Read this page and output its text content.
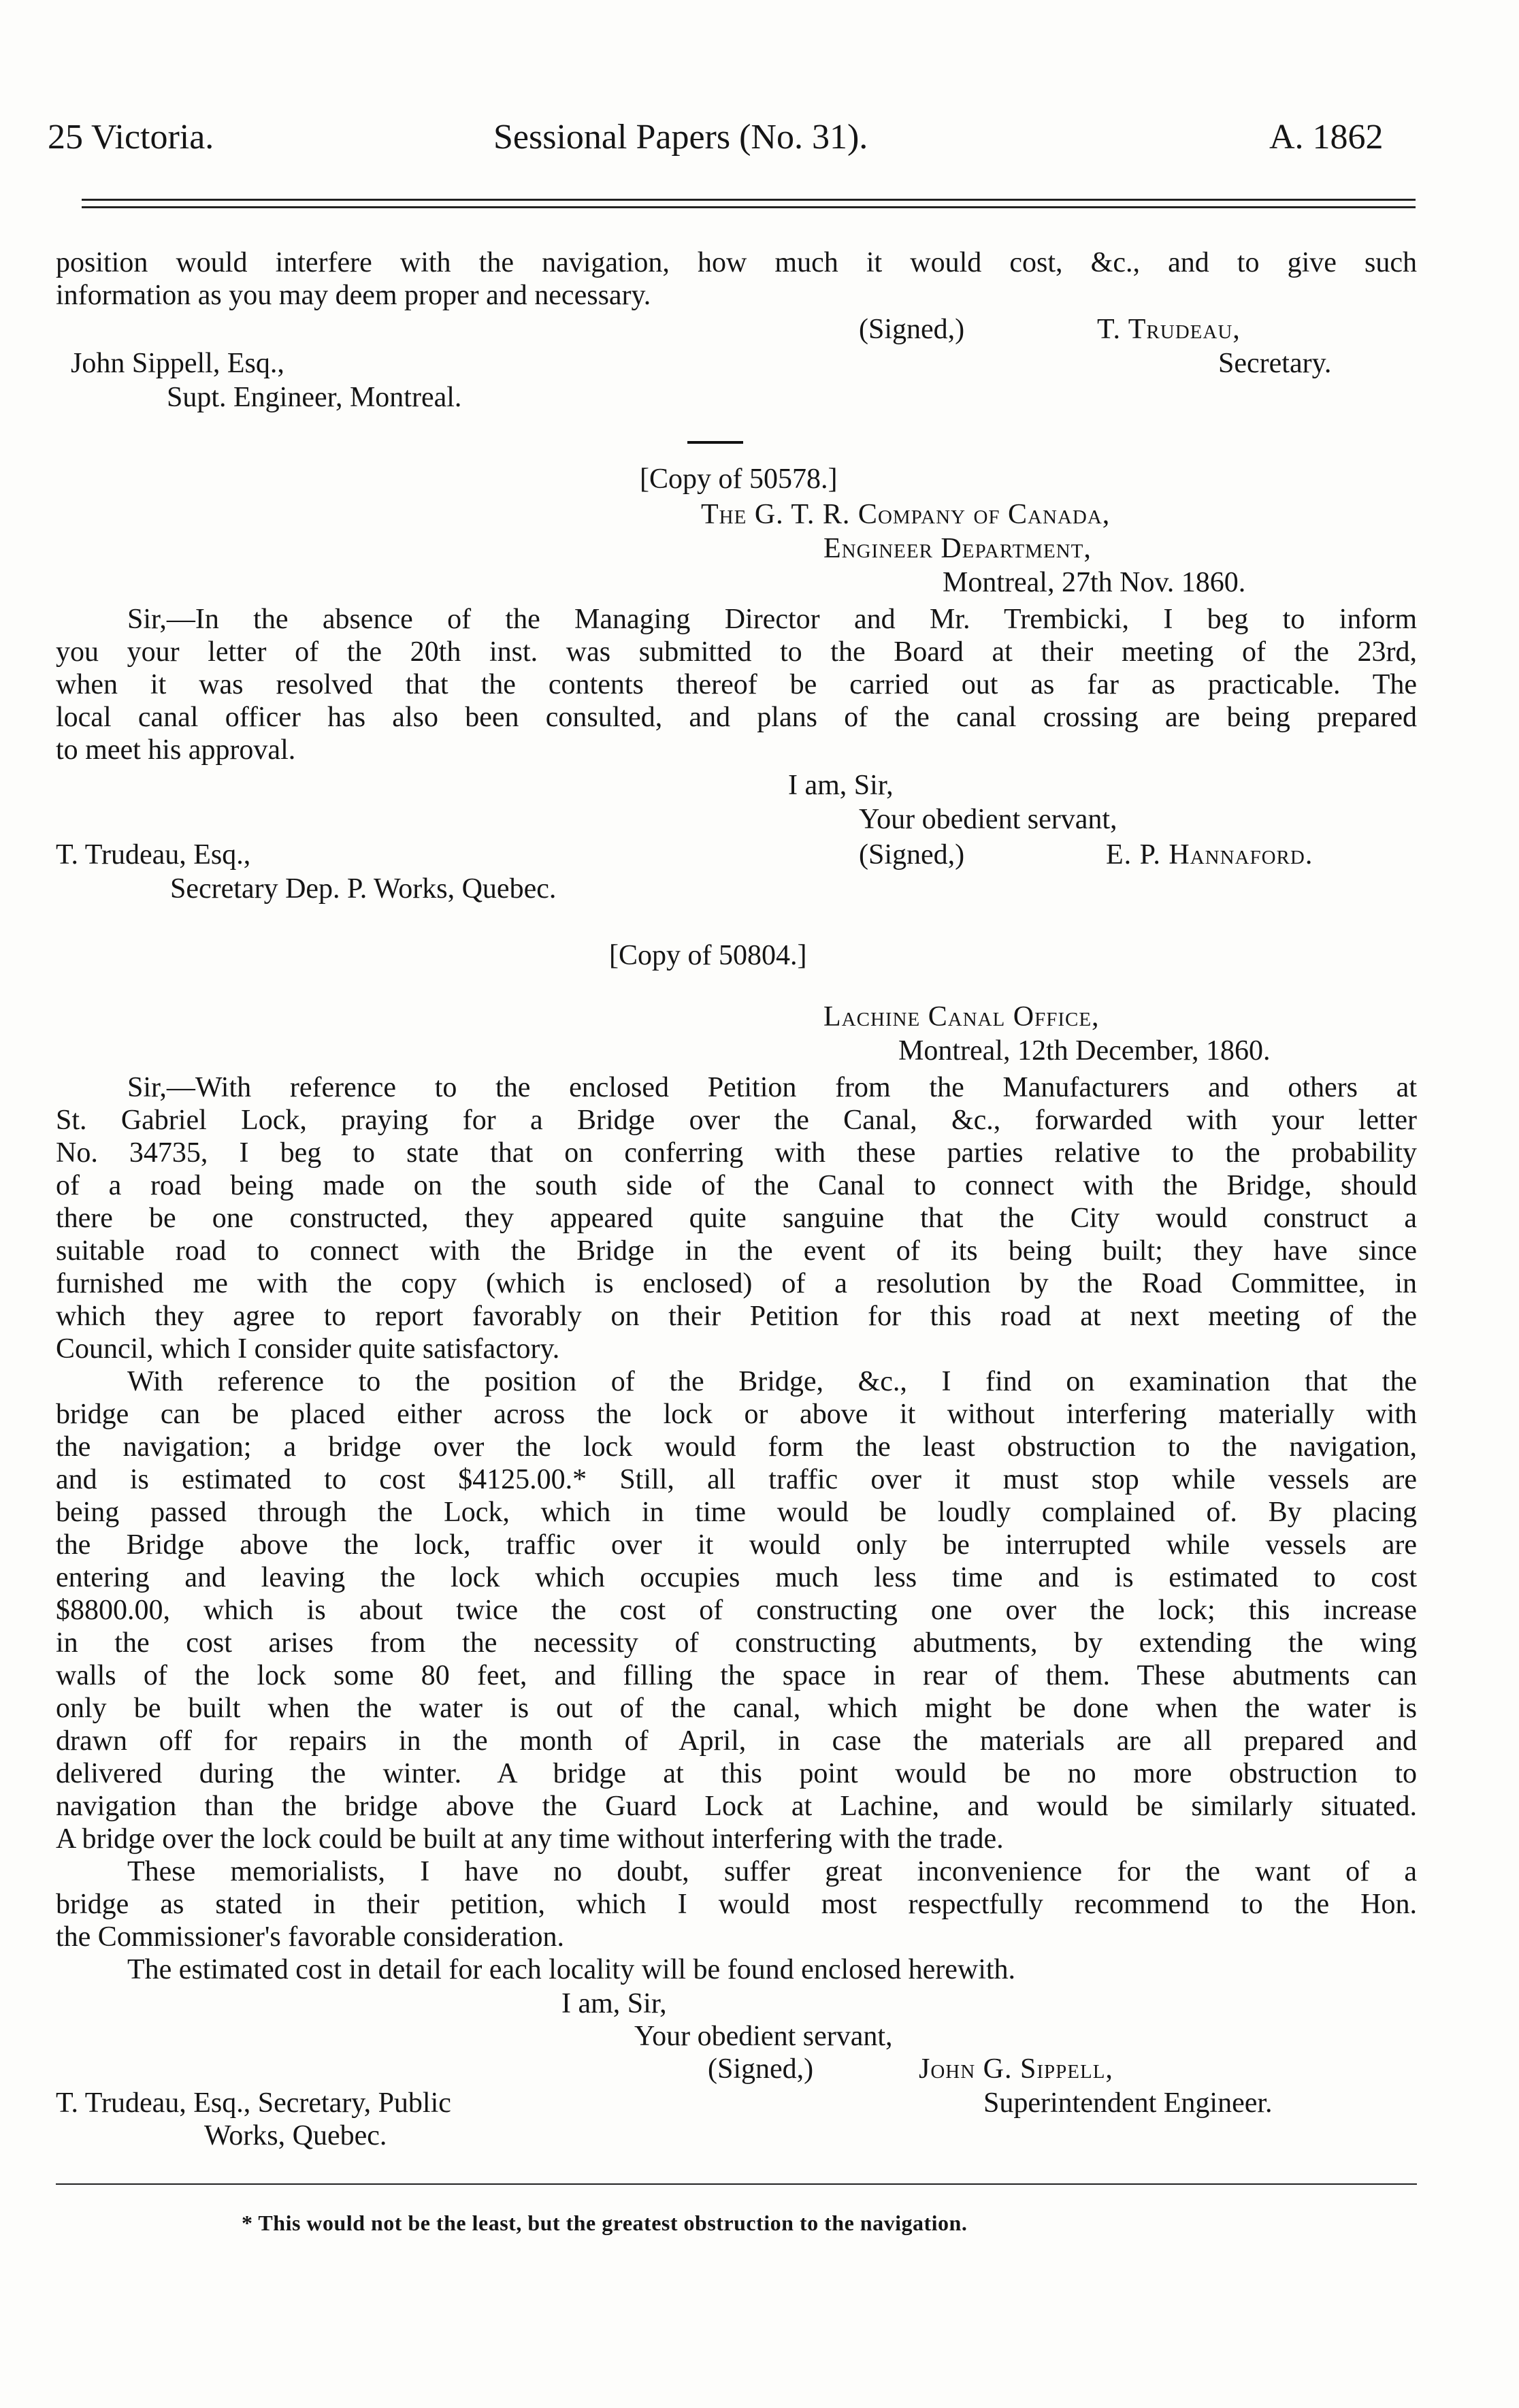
25 Victoria.	Sessional Papers (No. 31).	A. 1862
position would interfere with the navigation, how much it would cost, &c., and to give such
information as you may deem proper and necessary.
(Signed,)	T. Trudeau,
John Sippell, Esq.,	Secretary.
Supt. Engineer, Montreal.
[Copy of 50578.]
The G. T. R. Company of Canada,
Engineer Department,
Montreal, 27th Nov. 1860.
Sir,—In the absence of the Managing Director and Mr. Trembicki, I beg to inform
you your letter of the 20th inst. was submitted to the Board at their meeting of the 23rd,
when it was resolved that the contents thereof be carried out as far as practicable. The
local canal officer has also been consulted, and plans of the canal crossing are being prepared
to meet his approval.
I am, Sir,
Your obedient servant,
T. Trudeau, Esq.,	(Signed,)	E. P. Hannaford.
Secretary Dep. P. Works, Quebec.
[Copy of 50804.]
Lachine Canal Office,
Montreal, 12th December, 1860.
Sir,—With reference to the enclosed Petition from the Manufacturers and others at
St. Gabriel Lock, praying for a Bridge over the Canal, &c., forwarded with your letter
No. 34735, I beg to state that on conferring with these parties relative to the probability
of a road being made on the south side of the Canal to connect with the Bridge, should
there be one constructed, they appeared quite sanguine that the City would construct a
suitable road to connect with the Bridge in the event of its being built; they have since
furnished me with the copy (which is enclosed) of a resolution by the Road Committee, in
which they agree to report favorably on their Petition for this road at next meeting of the
Council, which I consider quite satisfactory.
With reference to the position of the Bridge, &c., I find on examination that the
bridge can be placed either across the lock or above it without interfering materially with
the navigation; a bridge over the lock would form the least obstruction to the navigation,
and is estimated to cost $4125.00.* Still, all traffic over it must stop while vessels are
being passed through the Lock, which in time would be loudly complained of. By placing
the Bridge above the lock, traffic over it would only be interrupted while vessels are
entering and leaving the lock which occupies much less time and is estimated to cost
$8800.00, which is about twice the cost of constructing one over the lock; this increase
in the cost arises from the necessity of constructing abutments, by extending the wing
walls of the lock some 80 feet, and filling the space in rear of them. These abutments can
only be built when the water is out of the canal, which might be done when the water is
drawn off for repairs in the month of April, in case the materials are all prepared and
delivered during the winter. A bridge at this point would be no more obstruction to
navigation than the bridge above the Guard Lock at Lachine, and would be similarly situated.
A bridge over the lock could be built at any time without interfering with the trade.
These memorialists, I have no doubt, suffer great inconvenience for the want of a
bridge as stated in their petition, which I would most respectfully recommend to the Hon.
the Commissioner's favorable consideration.
The estimated cost in detail for each locality will be found enclosed herewith.
I am, Sir,
Your obedient servant,
(Signed,)	John G. Sippell,
T. Trudeau, Esq., Secretary, Public	Superintendent Engineer.
Works, Quebec.
* This would not be the least, but the greatest obstruction to the navigation.
